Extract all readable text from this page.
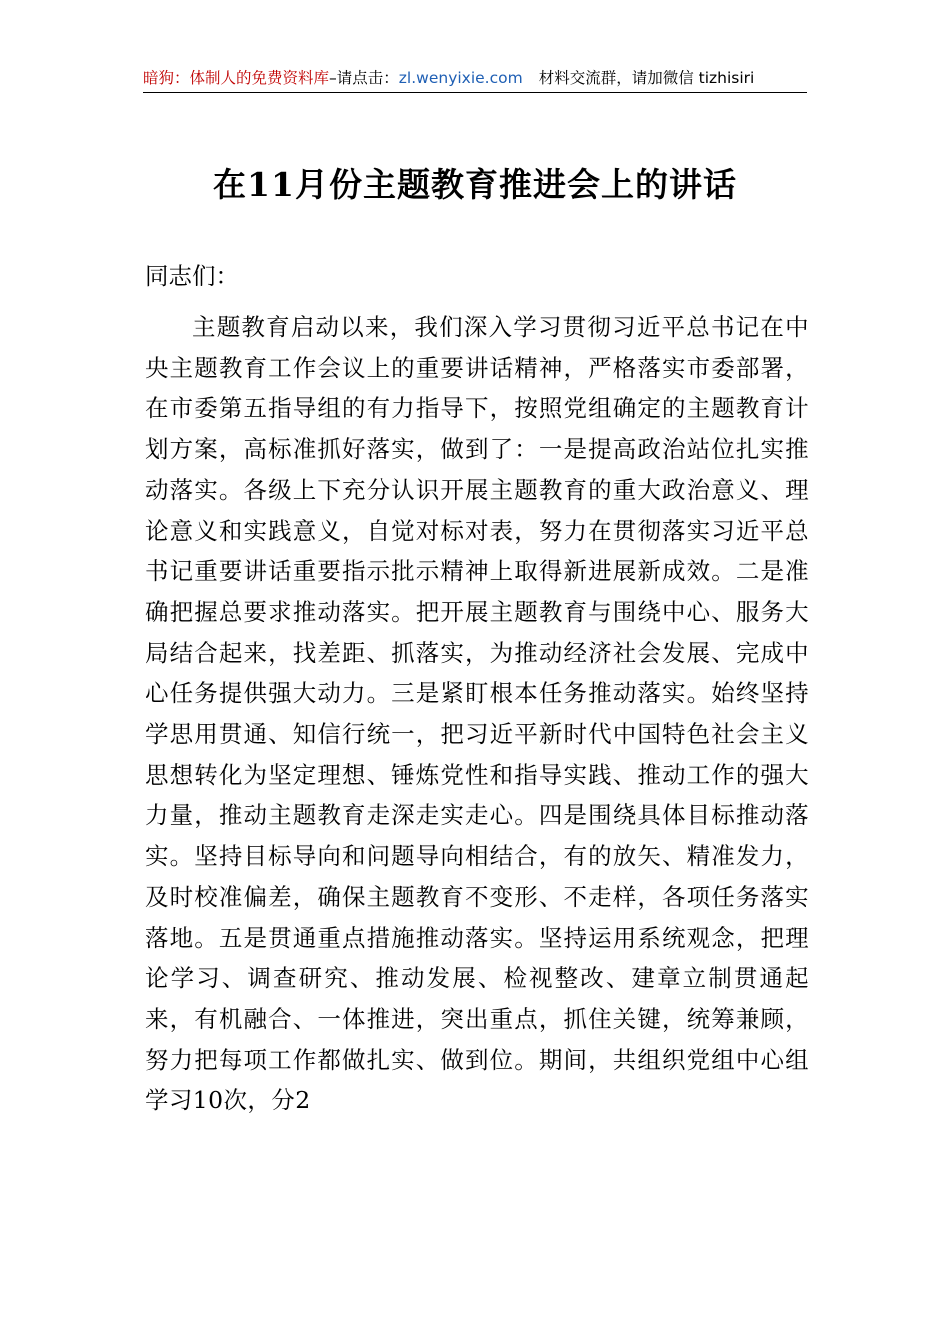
暗狗：体制人的免费资料库–请点击：zl.wenyixie.com 材料交流群，请加微信 tizhisiri
在11月份主题教育推进会上的讲话
同志们：

主题教育启动以来，我们深入学习贯彻习近平总书记在中央主题教育工作会议上的重要讲话精神，严格落实市委部署，在市委第五指导组的有力指导下，按照党组确定的主题教育计划方案，高标准抓好落实，做到了：一是提高政治站位扎实推动落实。各级上下充分认识开展主题教育的重大政治意义、理论意义和实践意义，自觉对标对表，努力在贯彻落实习近平总书记重要讲话重要指示批示精神上取得新进展新成效。二是准确把握总要求推动落实。把开展主题教育与围绕中心、服务大局结合起来，找差距、抓落实，为推动经济社会发展、完成中心任务提供强大动力。三是紧盯根本任务推动落实。始终坚持学思用贯通、知信行统一，把习近平新时代中国特色社会主义思想转化为坚定理想、锤炼党性和指导实践、推动工作的强大力量，推动主题教育走深走实走心。四是围绕具体目标推动落实。坚持目标导向和问题导向相结合，有的放矢、精准发力，及时校准偏差，确保主题教育不变形、不走样，各项任务落实落地。五是贯通重点措施推动落实。坚持运用系统观念，把理论学习、调查研究、推动发展、检视整改、建章立制贯通起来，有机融合、一体推进，突出重点，抓住关键，统筹兼顾，努力把每项工作都做扎实、做到位。期间，共组织党组中心组学习10次，分2
